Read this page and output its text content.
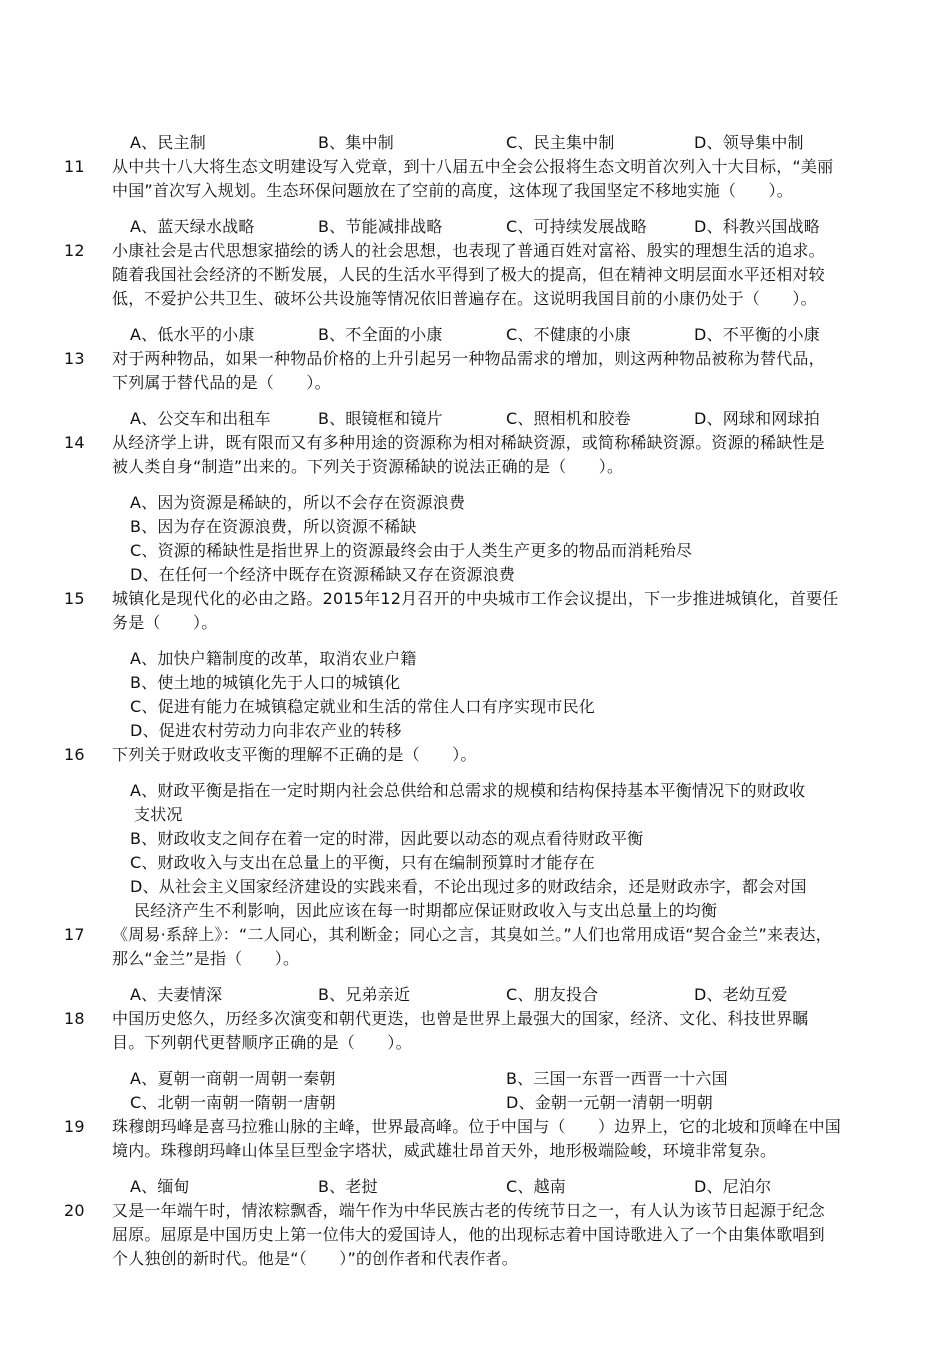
A、民主制	B、集中制	C、民主集中制	D、领导集中制
11 从中共十八大将生态文明建设写入党章，到十八届五中全会公报将生态文明首次列入十大目标，“美丽
中国”首次写入规划。生态环保问题放在了空前的高度，这体现了我国坚定不移地实施（　　）。
A、蓝天绿水战略	B、节能减排战略	C、可持续发展战略	D、科教兴国战略
12 小康社会是古代思想家描绘的诱人的社会思想，也表现了普通百姓对富裕、殷实的理想生活的追求。
随着我国社会经济的不断发展，人民的生活水平得到了极大的提高，但在精神文明层面水平还相对较
低，不爱护公共卫生、破坏公共设施等情况依旧普遍存在。这说明我国目前的小康仍处于（　　）。
A、低水平的小康	B、不全面的小康	C、不健康的小康	D、不平衡的小康
13 对于两种物品，如果一种物品价格的上升引起另一种物品需求的增加，则这两种物品被称为替代品，
下列属于替代品的是（　　）。
A、公交车和出租车	B、眼镜框和镜片	C、照相机和胶卷	D、网球和网球拍
14 从经济学上讲，既有限而又有多种用途的资源称为相对稀缺资源，或简称稀缺资源。资源的稀缺性是
被人类自身“制造”出来的。下列关于资源稀缺的说法正确的是（　　）。
A、因为资源是稀缺的，所以不会存在资源浪费
B、因为存在资源浪费，所以资源不稀缺
C、资源的稀缺性是指世界上的资源最终会由于人类生产更多的物品而消耗殆尽
D、在任何一个经济中既存在资源稀缺又存在资源浪费
15 城镇化是现代化的必由之路。2015年12月召开的中央城市工作会议提出，下一步推进城镇化，首要任
务是（　　）。
A、加快户籍制度的改革，取消农业户籍
B、使土地的城镇化先于人口的城镇化
C、促进有能力在城镇稳定就业和生活的常住人口有序实现市民化
D、促进农村劳动力向非农产业的转移
16 下列关于财政收支平衡的理解不正确的是（　　）。
A、财政平衡是指在一定时期内社会总供给和总需求的规模和结构保持基本平衡情况下的财政收
支状况
B、财政收支之间存在着一定的时滞，因此要以动态的观点看待财政平衡
C、财政收入与支出在总量上的平衡，只有在编制预算时才能存在
D、从社会主义国家经济建设的实践来看，不论出现过多的财政结余，还是财政赤字，都会对国
民经济产生不利影响，因此应该在每一时期都应保证财政收入与支出总量上的均衡
17 《周易·系辞上》：“二人同心，其利断金；同心之言，其臭如兰。”人们也常用成语“契合金兰”来表达，
那么“金兰”是指（　　）。
A、夫妻情深	B、兄弟亲近	C、朋友投合	D、老幼互爱
18 中国历史悠久，历经多次演变和朝代更迭，也曾是世界上最强大的国家，经济、文化、科技世界瞩
目。下列朝代更替顺序正确的是（　　）。
A、夏朝一商朝一周朝一秦朝	B、三国一东晋一西晋一十六国
C、北朝一南朝一隋朝一唐朝	D、金朝一元朝一清朝一明朝
19 珠穆朗玛峰是喜马拉雅山脉的主峰，世界最高峰。位于中国与（　　）边界上，它的北坡和顶峰在中国
境内。珠穆朗玛峰山体呈巨型金字塔状，威武雄壮昂首天外，地形极端险峻，环境非常复杂。
A、缅甸	B、老挝	C、越南	D、尼泊尔
20 又是一年端午时，情浓粽飘香，端午作为中华民族古老的传统节日之一，有人认为该节日起源于纪念
屈原。屈原是中国历史上第一位伟大的爱国诗人，他的出现标志着中国诗歌进入了一个由集体歌唱到
个人独创的新时代。他是“（　　）”的创作者和代表作者。
